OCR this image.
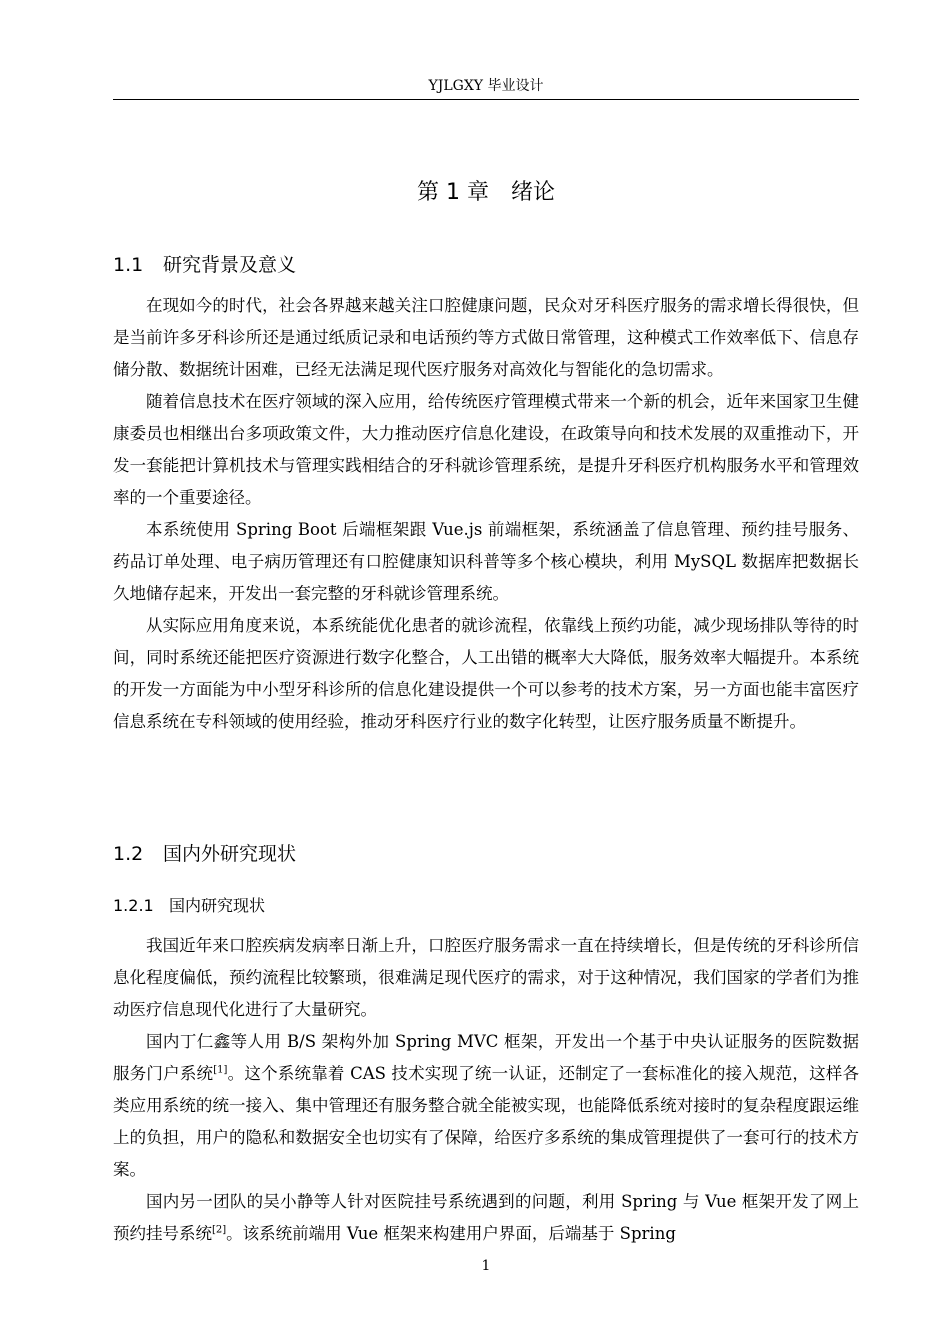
YJLGXY 毕业设计
第 1 章　绪论
1.1 研究背景及意义

在现如今的时代，社会各界越来越关注口腔健康问题，民众对牙科医疗服务的需求增长得很快，但是当前许多牙科诊所还是通过纸质记录和电话预约等方式做日常管理，这种模式工作效率低下、信息存储分散、数据统计困难，已经无法满足现代医疗服务对高效化与智能化的急切需求。

随着信息技术在医疗领域的深入应用，给传统医疗管理模式带来一个新的机会，近年来国家卫生健康委员也相继出台多项政策文件，大力推动医疗信息化建设，在政策导向和技术发展的双重推动下，开发一套能把计算机技术与管理实践相结合的牙科就诊管理系统，是提升牙科医疗机构服务水平和管理效率的一个重要途径。

本系统使用 Spring Boot 后端框架跟 Vue.js 前端框架，系统涵盖了信息管理、预约挂号服务、药品订单处理、电子病历管理还有口腔健康知识科普等多个核心模块，利用 MySQL 数据库把数据长久地储存起来，开发出一套完整的牙科就诊管理系统。

从实际应用角度来说，本系统能优化患者的就诊流程，依靠线上预约功能，减少现场排队等待的时间，同时系统还能把医疗资源进行数字化整合，人工出错的概率大大降低，服务效率大幅提升。本系统的开发一方面能为中小型牙科诊所的信息化建设提供一个可以参考的技术方案，另一方面也能丰富医疗信息系统在专科领域的使用经验，推动牙科医疗行业的数字化转型，让医疗服务质量不断提升。

1.2 国内外研究现状
1.2.1 国内研究现状

我国近年来口腔疾病发病率日渐上升，口腔医疗服务需求一直在持续增长，但是传统的牙科诊所信息化程度偏低，预约流程比较繁琐，很难满足现代医疗的需求，对于这种情况，我们国家的学者们为推动医疗信息现代化进行了大量研究。

国内丁仁鑫等人用 B/S 架构外加 Spring MVC 框架，开发出一个基于中央认证服务的医院数据服务门户系统[1]。这个系统靠着 CAS 技术实现了统一认证，还制定了一套标准化的接入规范，这样各类应用系统的统一接入、集中管理还有服务整合就全能被实现，也能降低系统对接时的复杂程度跟运维上的负担，用户的隐私和数据安全也切实有了保障，给医疗多系统的集成管理提供了一套可行的技术方案。

国内另一团队的吴小静等人针对医院挂号系统遇到的问题，利用 Spring 与 Vue 框架开发了网上预约挂号系统[2]。该系统前端用 Vue 框架来构建用户界面，后端基于 Spring

1
